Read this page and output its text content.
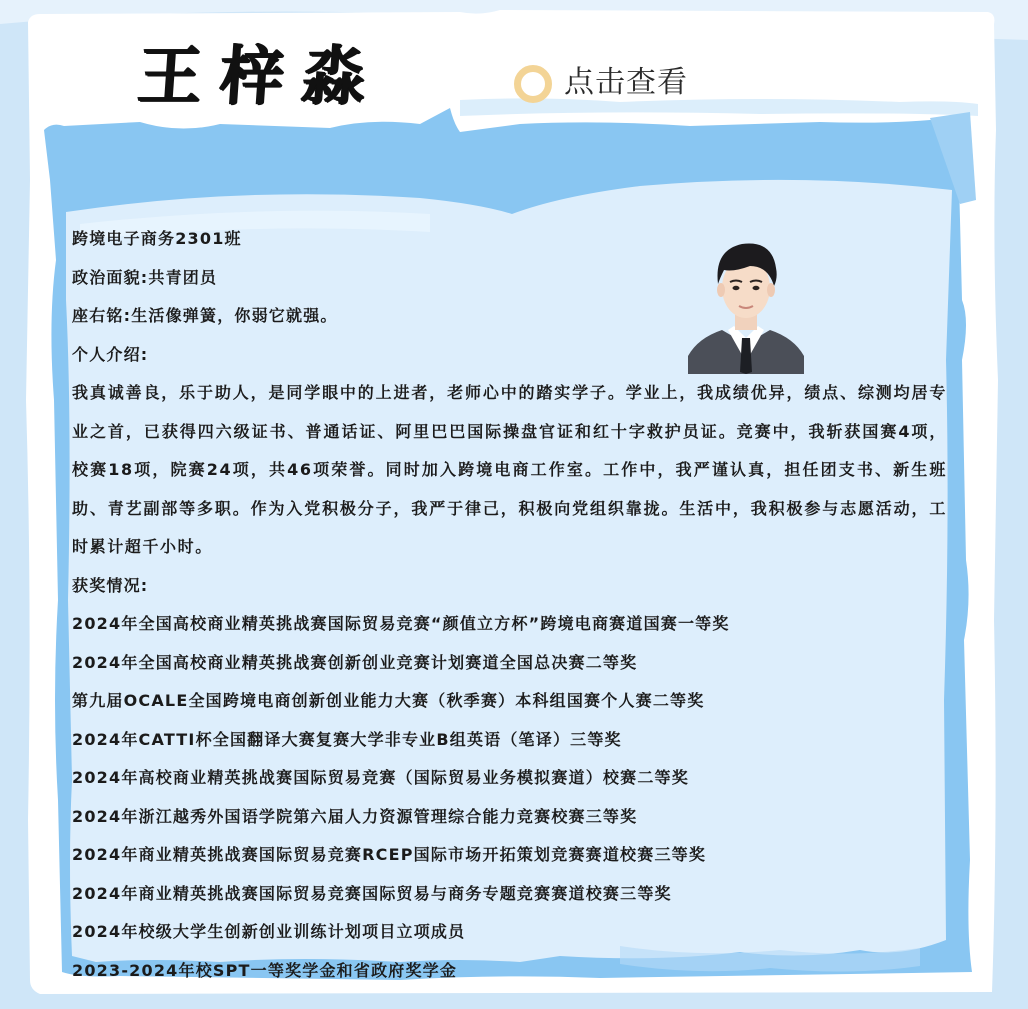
王梓淼	点击查看
跨境电子商务2301班
政治面貌:共青团员
座右铭:生活像弹簧，你弱它就强。
个人介绍:
我真诚善良，乐于助人，是同学眼中的上进者，老师心中的踏实学子。学业上，我成绩优异，绩点、综测均居专业之首，已获得四六级证书、普通话证、阿里巴巴国际操盘官证和红十字救护员证。竞赛中，我斩获国赛4项，校赛18项，院赛24项，共46项荣誉。同时加入跨境电商工作室。工作中，我严谨认真，担任团支书、新生班助、青艺副部等多职。作为入党积极分子，我严于律己，积极向党组织靠拢。生活中，我积极参与志愿活动，工时累计超千小时。
获奖情况:
2024年全国高校商业精英挑战赛国际贸易竞赛“颜值立方杯”跨境电商赛道国赛一等奖
2024年全国高校商业精英挑战赛创新创业竞赛计划赛道全国总决赛二等奖
第九届OCALE全国跨境电商创新创业能力大赛（秋季赛）本科组国赛个人赛二等奖
2024年CATTI杯全国翻译大赛复赛大学非专业B组英语（笔译）三等奖
2024年高校商业精英挑战赛国际贸易竞赛（国际贸易业务模拟赛道）校赛二等奖
2024年浙江越秀外国语学院第六届人力资源管理综合能力竞赛校赛三等奖
2024年商业精英挑战赛国际贸易竞赛RCEP国际市场开拓策划竞赛赛道校赛三等奖
2024年商业精英挑战赛国际贸易竞赛国际贸易与商务专题竞赛赛道校赛三等奖
2024年校级大学生创新创业训练计划项目立项成员
2023-2024年校SPT一等奖学金和省政府奖学金
